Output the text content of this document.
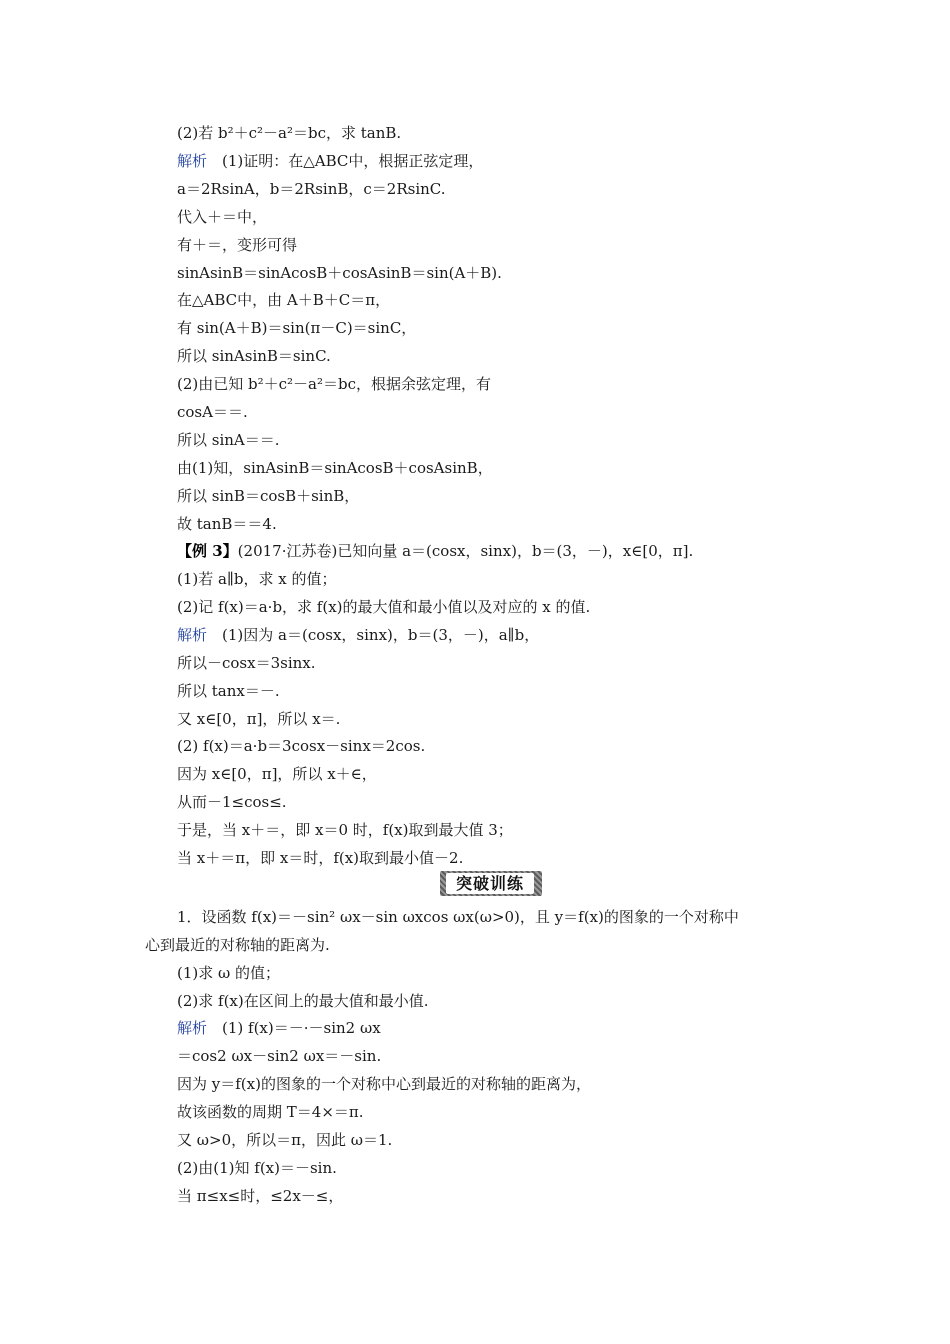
(2)若 b²＋c²－a²＝bc，求 tanB.
解析　(1)证明：在△ABC中，根据正弦定理，
a＝2RsinA，b＝2RsinB，c＝2RsinC.
代入＋＝中，
有＋＝，变形可得
sinAsinB＝sinAcosB＋cosAsinB＝sin(A＋B).
在△ABC中，由 A＋B＋C＝π，
有 sin(A＋B)＝sin(π－C)＝sinC，
所以 sinAsinB＝sinC.
(2)由已知 b²＋c²－a²＝bc，根据余弦定理，有
cosA＝＝.
所以 sinA＝＝.
由(1)知，sinAsinB＝sinAcosB＋cosAsinB，
所以 sinB＝cosB＋sinB，
故 tanB＝＝4.
【例 3】(2017·江苏卷)已知向量 a＝(cosx，sinx)，b＝(3，－)，x∈[0，π].
(1)若 a∥b，求 x 的值；
(2)记 f(x)＝a·b，求 f(x)的最大值和最小值以及对应的 x 的值.
解析　(1)因为 a＝(cosx，sinx)，b＝(3，－)，a∥b，
所以－cosx＝3sinx.
所以 tanx＝－.
又 x∈[0，π]，所以 x＝.
(2) f(x)＝a·b＝3cosx－sinx＝2cos.
因为 x∈[0，π]，所以 x＋∈，
从而－1≤cos≤.
于是，当 x＋＝，即 x＝0 时，f(x)取到最大值 3；
当 x＋＝π，即 x＝时，f(x)取到最小值－2.
突破训练
1．设函数 f(x)＝－sin² ωx－sin ωxcos ωx(ω>0)，且 y＝f(x)的图象的一个对称中
心到最近的对称轴的距离为.
(1)求 ω 的值；
(2)求 f(x)在区间上的最大值和最小值.
解析　(1) f(x)＝－·－sin2 ωx
＝cos2 ωx－sin2 ωx＝－sin.
因为 y＝f(x)的图象的一个对称中心到最近的对称轴的距离为，
故该函数的周期 T＝4×＝π.
又 ω>0，所以＝π，因此 ω＝1.
(2)由(1)知 f(x)＝－sin.
当 π≤x≤时，≤2x－≤，
